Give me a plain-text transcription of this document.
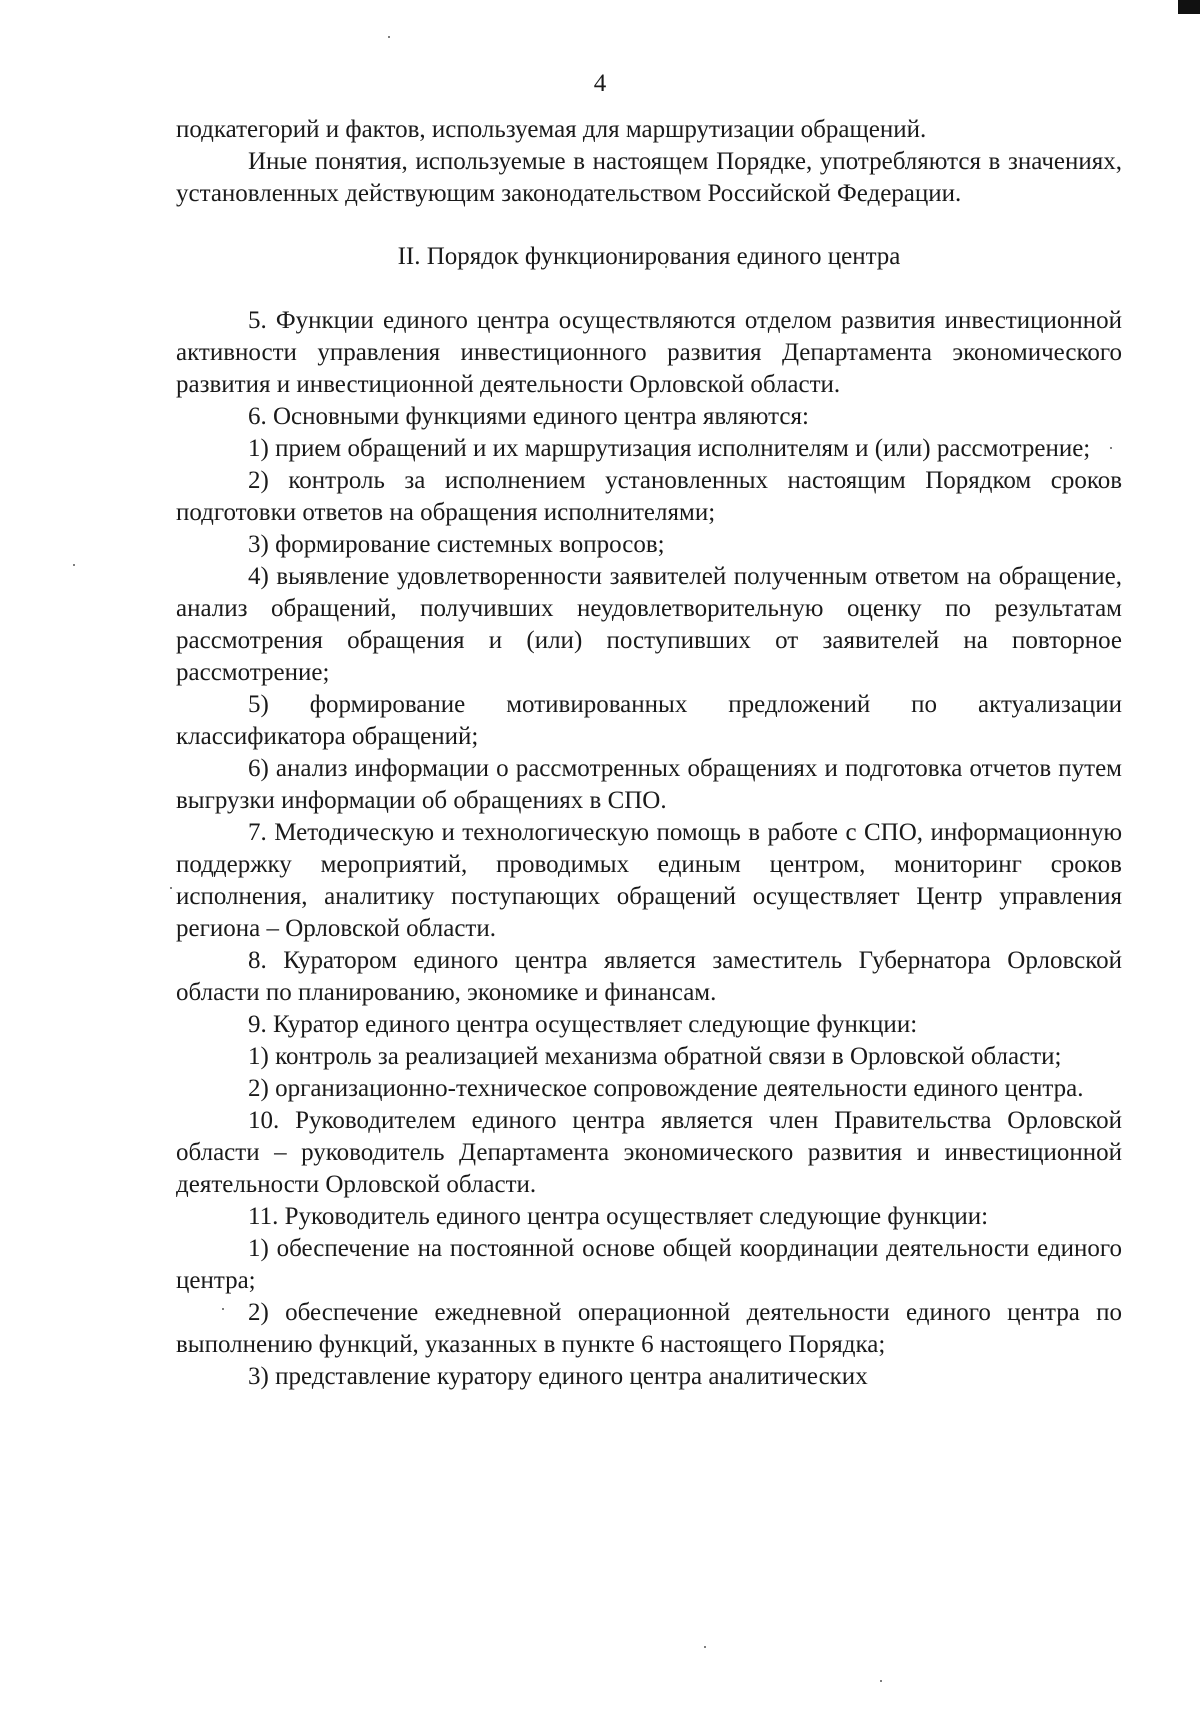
4

подкатегорий и фактов, используемая для маршрутизации обращений.

Иные понятия, используемые в настоящем Порядке, употребляются в значениях, установленных действующим законодательством Российской Федерации.

II. Порядок функционирования единого центра

5. Функции единого центра осуществляются отделом развития инвестиционной активности управления инвестиционного развития Департамента экономического развития и инвестиционной деятельности Орловской области.

6. Основными функциями единого центра являются:

1) прием обращений и их маршрутизация исполнителям и (или) рассмотрение;

2) контроль за исполнением установленных настоящим Порядком сроков подготовки ответов на обращения исполнителями;

3) формирование системных вопросов;

4) выявление удовлетворенности заявителей полученным ответом на обращение, анализ обращений, получивших неудовлетворительную оценку по результатам рассмотрения обращения и (или) поступивших от заявителей на повторное рассмотрение;

5) формирование мотивированных предложений по актуализации классификатора обращений;

6) анализ информации о рассмотренных обращениях и подготовка отчетов путем выгрузки информации об обращениях в СПО.

7. Методическую и технологическую помощь в работе с СПО, информационную поддержку мероприятий, проводимых единым центром, мониторинг сроков исполнения, аналитику поступающих обращений осуществляет Центр управления региона – Орловской области.

8. Куратором единого центра является заместитель Губернатора Орловской области по планированию, экономике и финансам.

9. Куратор единого центра осуществляет следующие функции:

1) контроль за реализацией механизма обратной связи в Орловской области;

2) организационно-техническое сопровождение деятельности единого центра.

10. Руководителем единого центра является член Правительства Орловской области – руководитель Департамента экономического развития и инвестиционной деятельности Орловской области.

11. Руководитель единого центра осуществляет следующие функции:

1) обеспечение на постоянной основе общей координации деятельности единого центра;

2) обеспечение ежедневной операционной деятельности единого центра по выполнению функций, указанных в пункте 6 настоящего Порядка;

3) представление куратору единого центра аналитических
